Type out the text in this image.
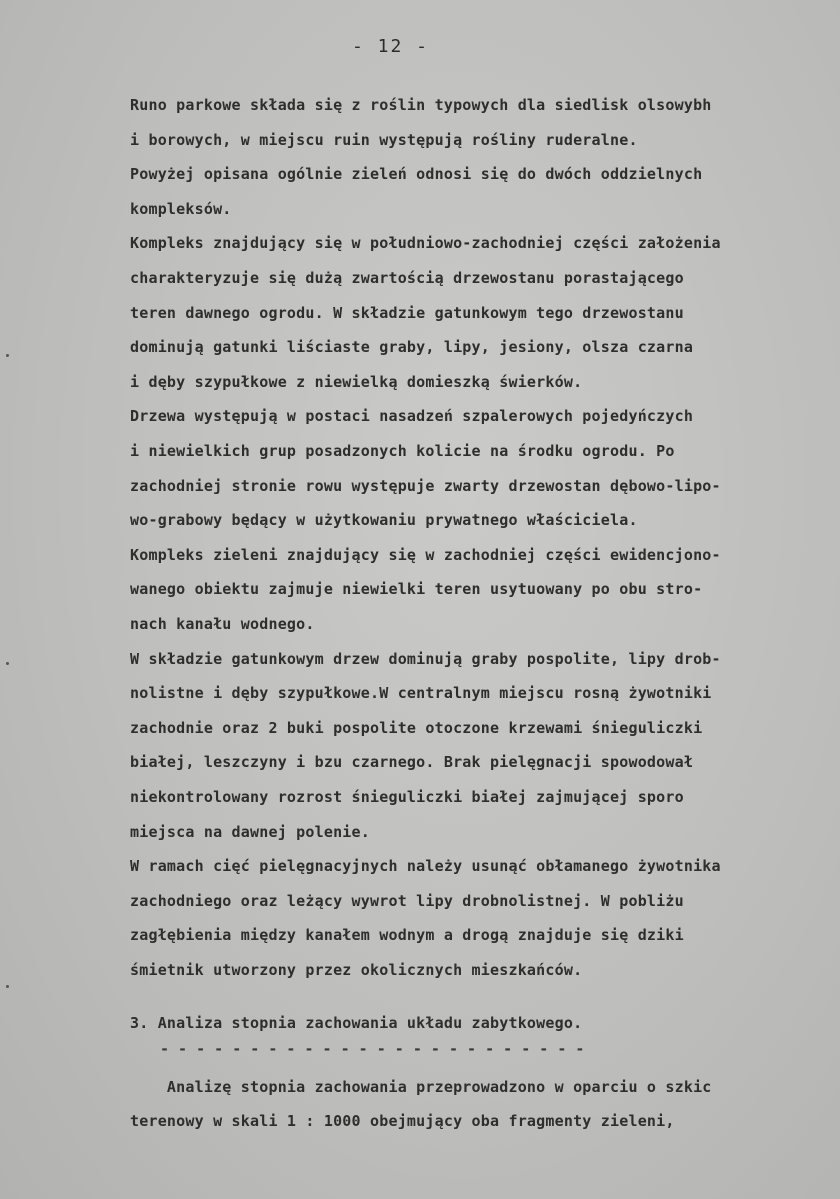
- 12 -
Runo parkowe składa się z roślin typowych dla siedlisk olsowybh
i borowych, w miejscu ruin występują rośliny ruderalne.
Powyżej opisana ogólnie zieleń odnosi się do dwóch oddzielnych
kompleksów.
Kompleks znajdujący się w południowo-zachodniej części założenia
charakteryzuje się dużą zwartością drzewostanu porastającego
teren dawnego ogrodu. W składzie gatunkowym tego drzewostanu
dominują gatunki liściaste graby, lipy, jesiony, olsza czarna
i dęby szypułkowe z niewielką domieszką świerków.
Drzewa występują w postaci nasadzeń szpalerowych pojedyńczych
i niewielkich grup posadzonych kolicie na środku ogrodu. Po
zachodniej stronie rowu występuje zwarty drzewostan dębowo-lipo-
wo-grabowy będący w użytkowaniu prywatnego właściciela.
Kompleks zieleni znajdujący się w zachodniej części ewidencjono-
wanego obiektu zajmuje niewielki teren usytuowany po obu stro-
nach kanału wodnego.
W składzie gatunkowym drzew dominują graby pospolite, lipy drob-
nolistne i dęby szypułkowe.W centralnym miejscu rosną żywotniki
zachodnie oraz 2 buki pospolite otoczone krzewami śnieguliczki
białej, leszczyny i bzu czarnego. Brak pielęgnacji spowodował
niekontrolowany rozrost śnieguliczki białej zajmującej sporo
miejsca na dawnej polenie.
W ramach cięć pielęgnacyjnych należy usunąć obłamanego żywotnika
zachodniego oraz leżący wywrot lipy drobnolistnej. W pobliżu
zagłębienia między kanałem wodnym a drogą znajduje się dziki
śmietnik utworzony przez okolicznych mieszkańców.
3. Analiza stopnia zachowania układu zabytkowego.
- - - - - - - - - - - - - - - - - - - - - - - -
Analizę stopnia zachowania przeprowadzono w oparciu o szkic
terenowy w skali 1 : 1000 obejmujący oba fragmenty zieleni,
